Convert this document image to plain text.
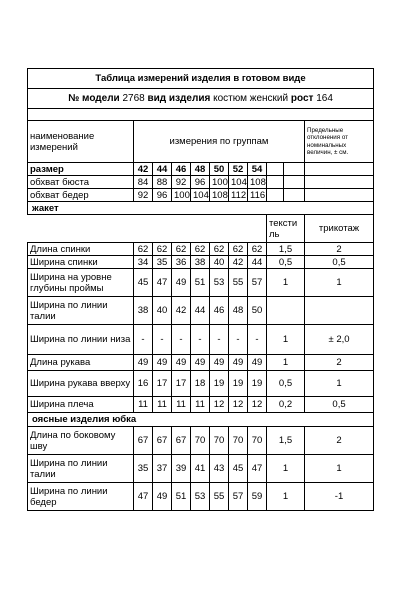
Таблица измерений изделия в готовом виде										
№ модели 2768 вид изделия костюм женский рост 164										

наименование измерений	измерения по группам									Предельные отклонения от номинальных величин, ± см.
размер	42	44	46	48	50	52	54			
обхват бюста	84	88	92	96	100	104	108			
обхват бедер	92	96	100	104	108	112	116			
жакет										
								тексти ль		трикотаж
Длина спинки	62	62	62	62	62	62	62	1,5		2
Ширина спинки	34	35	36	38	40	42	44	0,5		0,5
Ширина на уровне глубины проймы	45	47	49	51	53	55	57	1		1
Ширина по линии талии	38	40	42	44	46	48	50			
Ширина по линии низа	-	-	-	-	-	-	-	1		± 2,0
Длина рукава	49	49	49	49	49	49	49	1		2
Ширина рукава вверху	16	17	17	18	19	19	19	0,5		1
Ширина плеча	11	11	11	11	12	12	12	0,2		0,5
оясные изделия юбка										
Длина по боковому шву	67	67	67	70	70	70	70	1,5		2
Ширина по линии талии	35	37	39	41	43	45	47	1		1
Ширина по линии бедер	47	49	51	53	55	57	59	1		-1
